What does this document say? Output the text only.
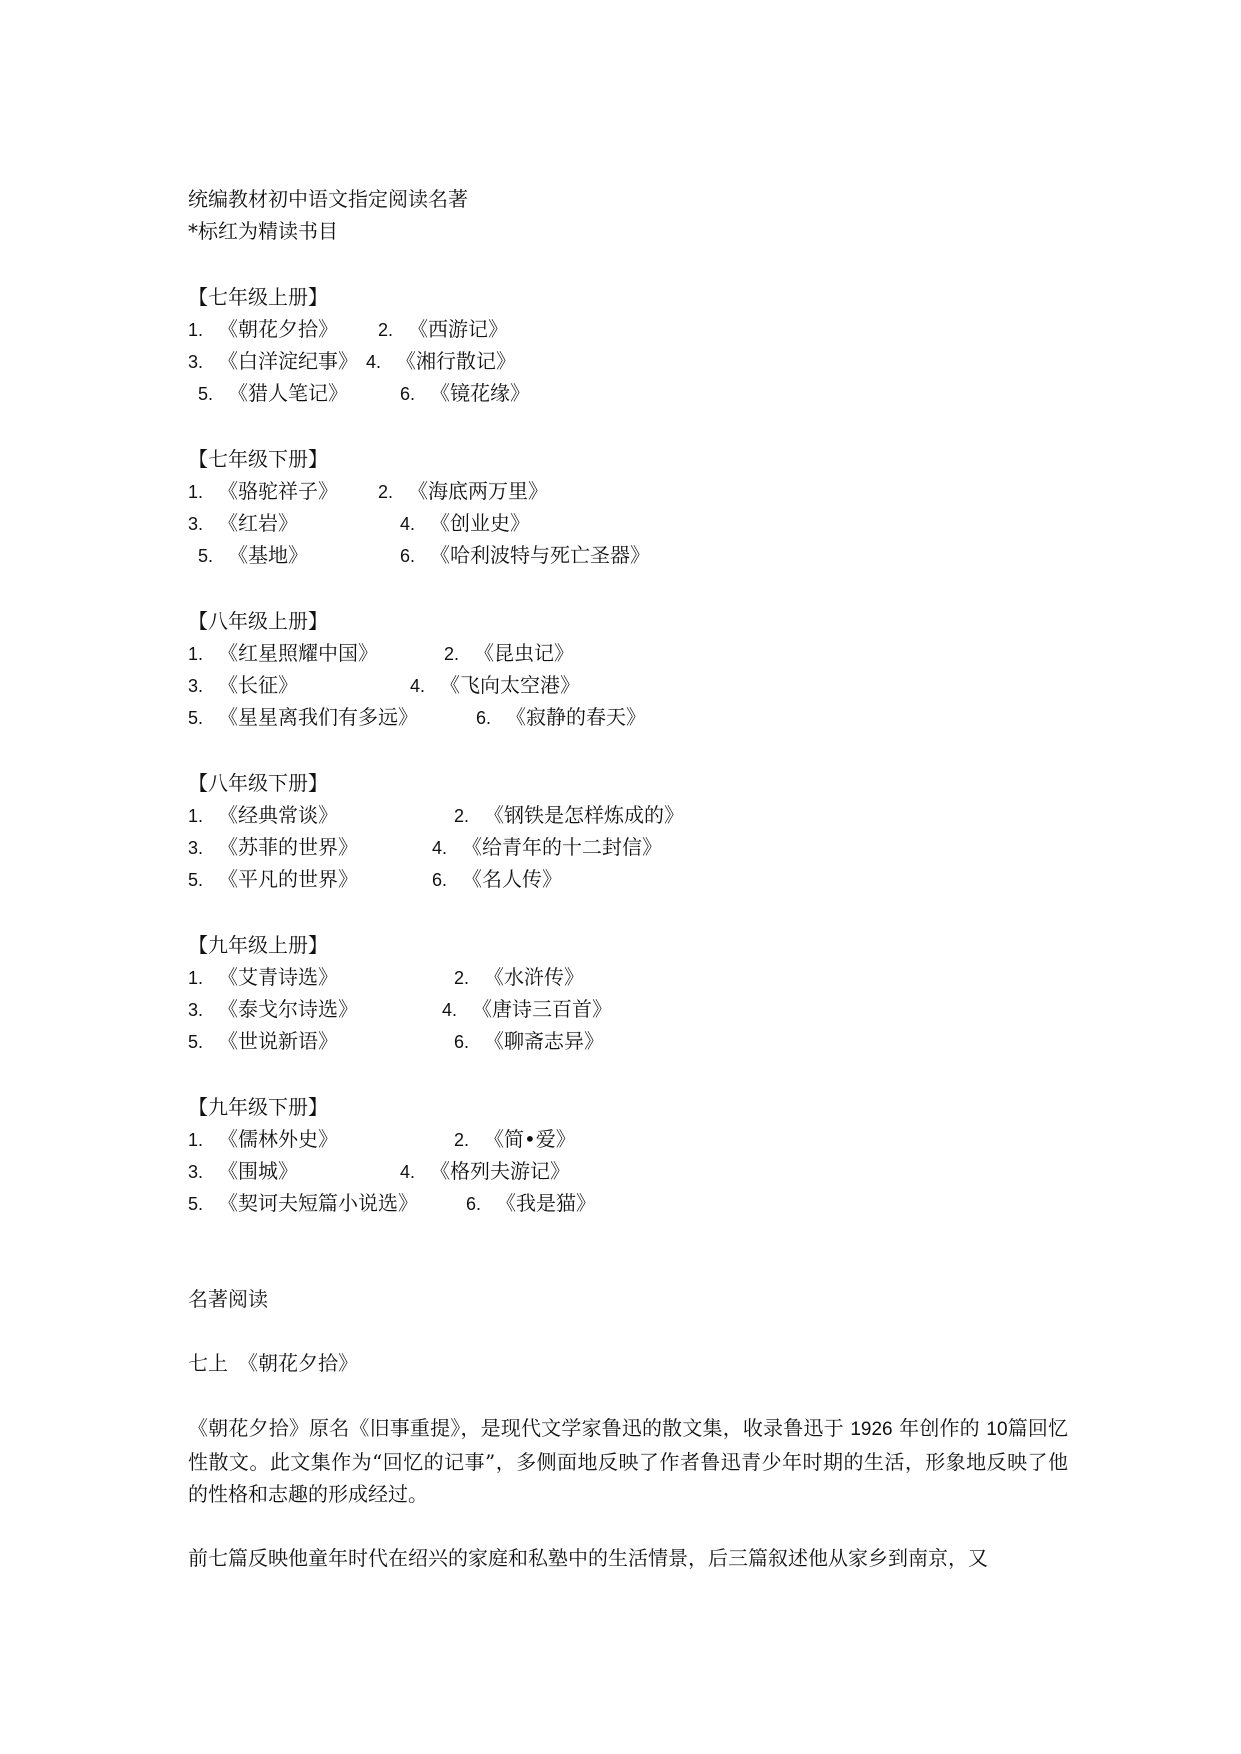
统编教材初中语文指定阅读名著
*标红为精读书目
【七年级上册】
1. 《朝花夕拾》 2. 《西游记》
3. 《白洋淀纪事》 4. 《湘行散记》
5. 《猎人笔记》	6. 《镜花缘》
【七年级下册】
1. 《骆驼祥子》 2. 《海底两万里》
3. 《红岩》	4. 《创业史》
5. 《基地》	6. 《哈利波特与死亡圣器》
【八年级上册】
1. 《红星照耀中国》	2. 《昆虫记》
3. 《长征》	4. 《飞向太空港》
5. 《星星离我们有多远》	6. 《寂静的春天》
【八年级下册】
1. 《经典常谈》	2. 《钢铁是怎样炼成的》
3. 《苏菲的世界》	4. 《给青年的十二封信》
5. 《平凡的世界》	6. 《名人传》
【九年级上册】
1. 《艾青诗选》	2. 《水浒传》
3. 《泰戈尔诗选》	4. 《唐诗三百首》
5. 《世说新语》	6. 《聊斋志异》
【九年级下册】
1. 《儒林外史》	2. 《简•爱》
3. 《围城》	4. 《格列夫游记》
5. 《契诃夫短篇小说选》	6. 《我是猫》
名著阅读
七上　《朝花夕拾》
《朝花夕拾》原名《旧事重提》，是现代文学家鲁迅的散文集，收录鲁迅于 1926 年创作的 10篇回忆性散文。此文集作为“回忆的记事”，多侧面地反映了作者鲁迅青少年时期的生活，形象地反映了他的性格和志趣的形成经过。
前七篇反映他童年时代在绍兴的家庭和私塾中的生活情景，后三篇叙述他从家乡到南京，又
